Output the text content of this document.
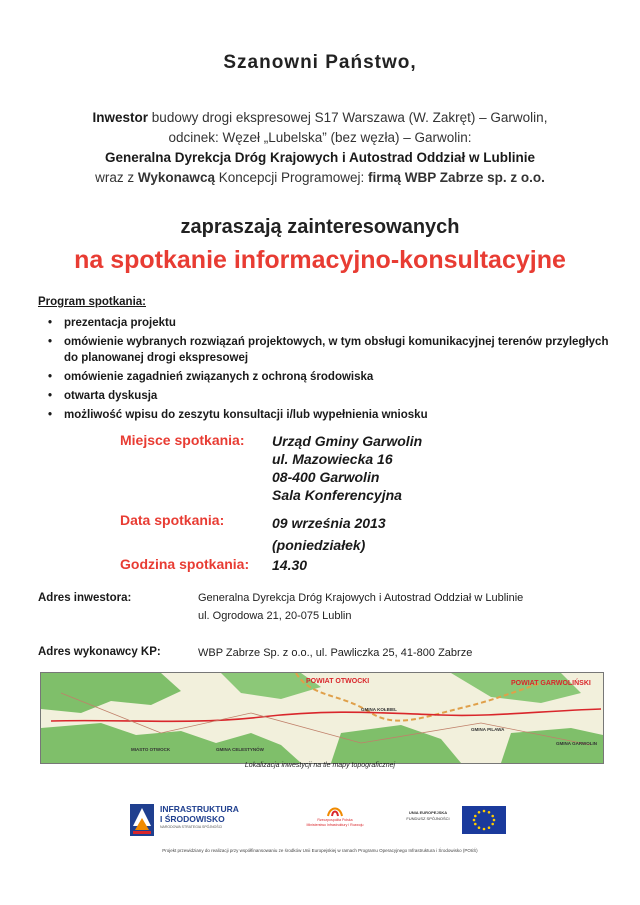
Szanowni Państwo,
Inwestor budowy drogi ekspresowej S17 Warszawa (W. Zakręt) – Garwolin,
odcinek: Węzeł „Lubelska” (bez węzła) – Garwolin:
Generalna Dyrekcja Dróg Krajowych i Autostrad Oddział w Lublinie
wraz z Wykonawcą Koncepcji Programowej: firmą WBP Zabrze sp. z o.o.
zapraszają zainteresowanych
na spotkanie informacyjno-konsultacyjne
Program spotkania:
• prezentacja projektu
• omówienie wybranych rozwiązań projektowych, w tym obsługi komunikacyjnej terenów przyległych do planowanej drogi ekspresowej
• omówienie zagadnień związanych z ochroną środowiska
• otwarta dyskusja
• możliwość wpisu do zeszytu konsultacji i/lub wypełnienia wniosku
Miejsce spotkania: Urząd Gminy Garwolin
ul. Mazowiecka 16
08-400 Garwolin
Sala Konferencyjna
Data spotkania:	09 września 2013
(poniedziałek)
Godzina spotkania: 14.30
Adres inwestora:	Generalna Dyrekcja Dróg Krajowych i Autostrad Oddział w Lublinie
ul. Ogrodowa 21, 20-075 Lublin
Adres wykonawcy KP:	WBP Zabrze Sp. z o.o., ul. Pawliczka 25, 41-800 Zabrze
POWIAT OTWOCKI	POWIAT GARWOLIŃSKI
GMINA KOŁBIEL
GMINA PILAWA
GMINA CELESTYNÓW
GMINA GARWOLIN
MIASTO OTWOCK
Lokalizacja inwestycji na tle mapy topograficznej
INFRASTRUKTURA
I ŚRODOWISKO
NARODOWA STRATEGIA SPÓJNOŚCI
Rzeczpospolita Polska
Ministerstwo Infrastruktury i Rozwoju
UNIA EUROPEJSKA
FUNDUSZ SPÓJNOŚCI
Projekt przewidziany do realizacji przy współfinansowaniu ze środków Unii Europejskiej w ramach Programu Operacyjnego Infrastruktura i Środowisko (POIiŚ)
